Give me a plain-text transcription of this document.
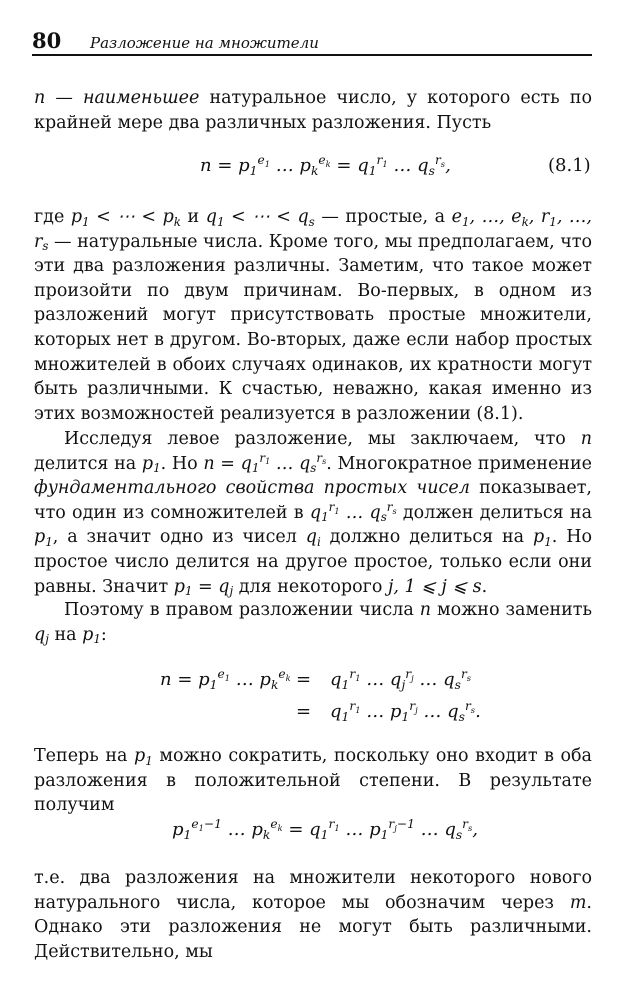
80 Разложение на множители

n — наименьшее натуральное число, у которого есть по крайней мере два различных разложения. Пусть

$n = p_1^{e_1}$ … $p_k^{e_k} = q_1^{r_1}$ … $q_s^{r_s}$,	(8.1)

где $p_1$ < ⋯ < $p_k$ и $q_1$ < ⋯ < $q_s$ — простые, а $e_1$, …, $e_k$, $r_1$, …, $r_s$ — натуральные числа. Кроме того, мы предполагаем, что эти два разложения различны. Заметим, что такое может произойти по двум причинам. Во-первых, в одном из разложений могут присутствовать простые множители, которых нет в другом. Во-вторых, даже если набор простых множителей в обоих случаях одинаков, их кратности могут быть различными. К счастью, неважно, какая именно из этих возможностей реализуется в разложении (8.1).

Исследуя левое разложение, мы заключаем, что n делится на $p_1$. Но $n = q_1^{r_1}$ … $q_s^{r_s}$. Многократное применение фундаментального свойства простых чисел показывает, что один из сомножителей в $q_1^{r_1}$ … $q_s^{r_s}$ должен делиться на $p_1$, а значит одно из чисел $q_i$ должно делиться на $p_1$. Но простое число делится на другое простое, только если они равны. Значит $p_1 = q_j$ для некоторого j, 1 ⩽ j ⩽ s.

Поэтому в правом разложении числа n можно заменить $q_j$ на $p_1$:

$n = p_1^{e_1}$ … $p_k^{e_k} = q_1^{r_1}$ … $q_j^{r_j}$ … $q_s^{r_s}$
= $q_1^{r_1}$ … $p_1^{r_j}$ … $q_s^{r_s}$.

Теперь на $p_1$ можно сократить, поскольку оно входит в оба разложения в положительной степени. В результате получим

$p_1^{e_1-1}$ … $p_k^{e_k} = q_1^{r_1}$ … $p_1^{r_j-1}$ … $q_s^{r_s}$,

т.е. два разложения на множители некоторого нового натурального числа, которое мы обозначим через m. Однако эти разложения не могут быть различными. Действительно, мы
